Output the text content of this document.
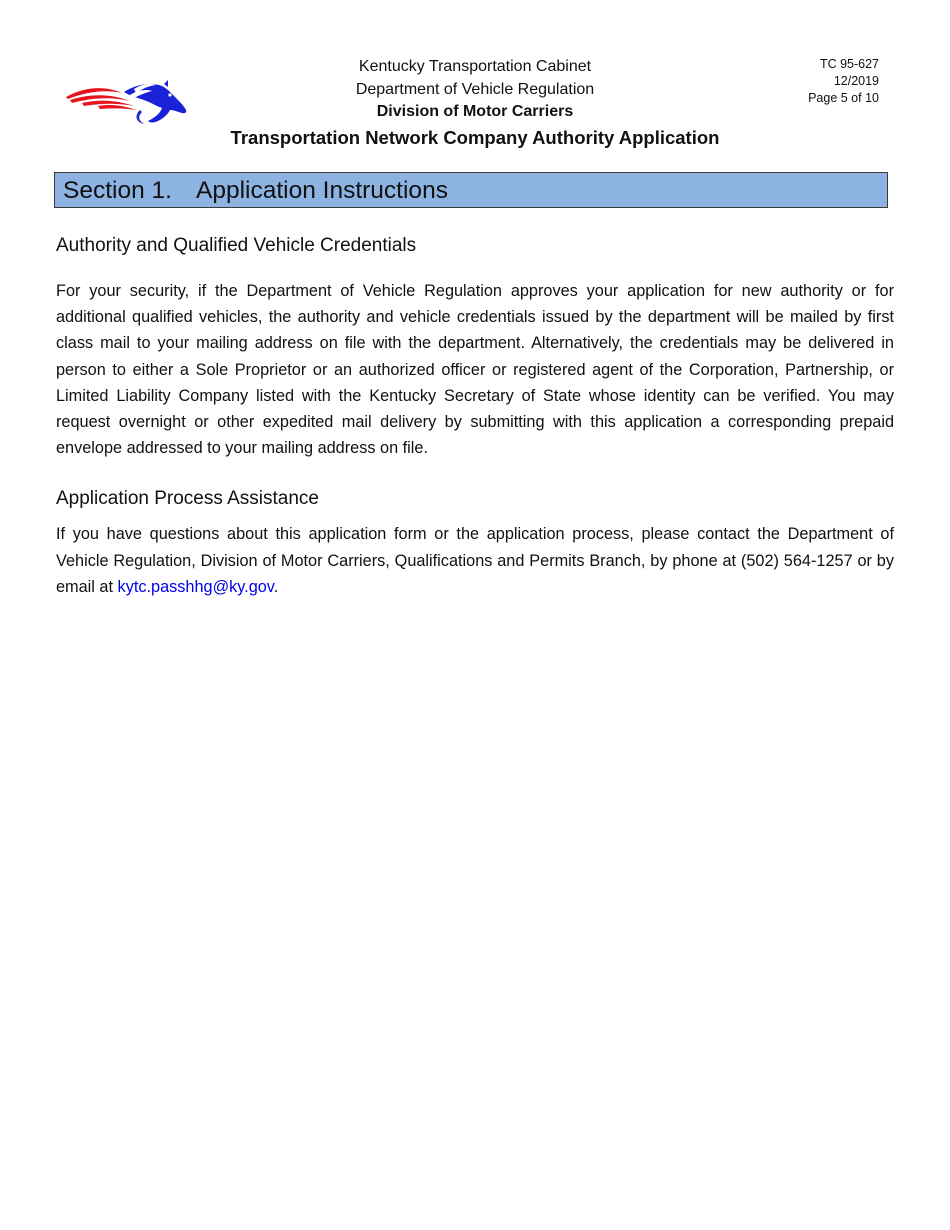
Kentucky Transportation Cabinet
Department of Vehicle Regulation
Division of Motor Carriers
Transportation Network Company Authority Application
TC 95-627
12/2019
Page 5 of 10
Section 1. Application Instructions
Authority and Qualified Vehicle Credentials

For your security, if the Department of Vehicle Regulation approves your application for new authority or for additional qualified vehicles, the authority and vehicle credentials issued by the department will be mailed by first class mail to your mailing address on file with the department. Alternatively, the credentials may be delivered in person to either a Sole Proprietor or an authorized officer or registered agent of the Corporation, Partnership, or Limited Liability Company listed with the Kentucky Secretary of State whose identity can be verified. You may request overnight or other expedited mail delivery by submitting with this application a corresponding prepaid envelope addressed to your mailing address on file.

Application Process Assistance

If you have questions about this application form or the application process, please contact the Department of Vehicle Regulation, Division of Motor Carriers, Qualifications and Permits Branch, by phone at (502) 564-1257 or by email at kytc.passhhg@ky.gov.
